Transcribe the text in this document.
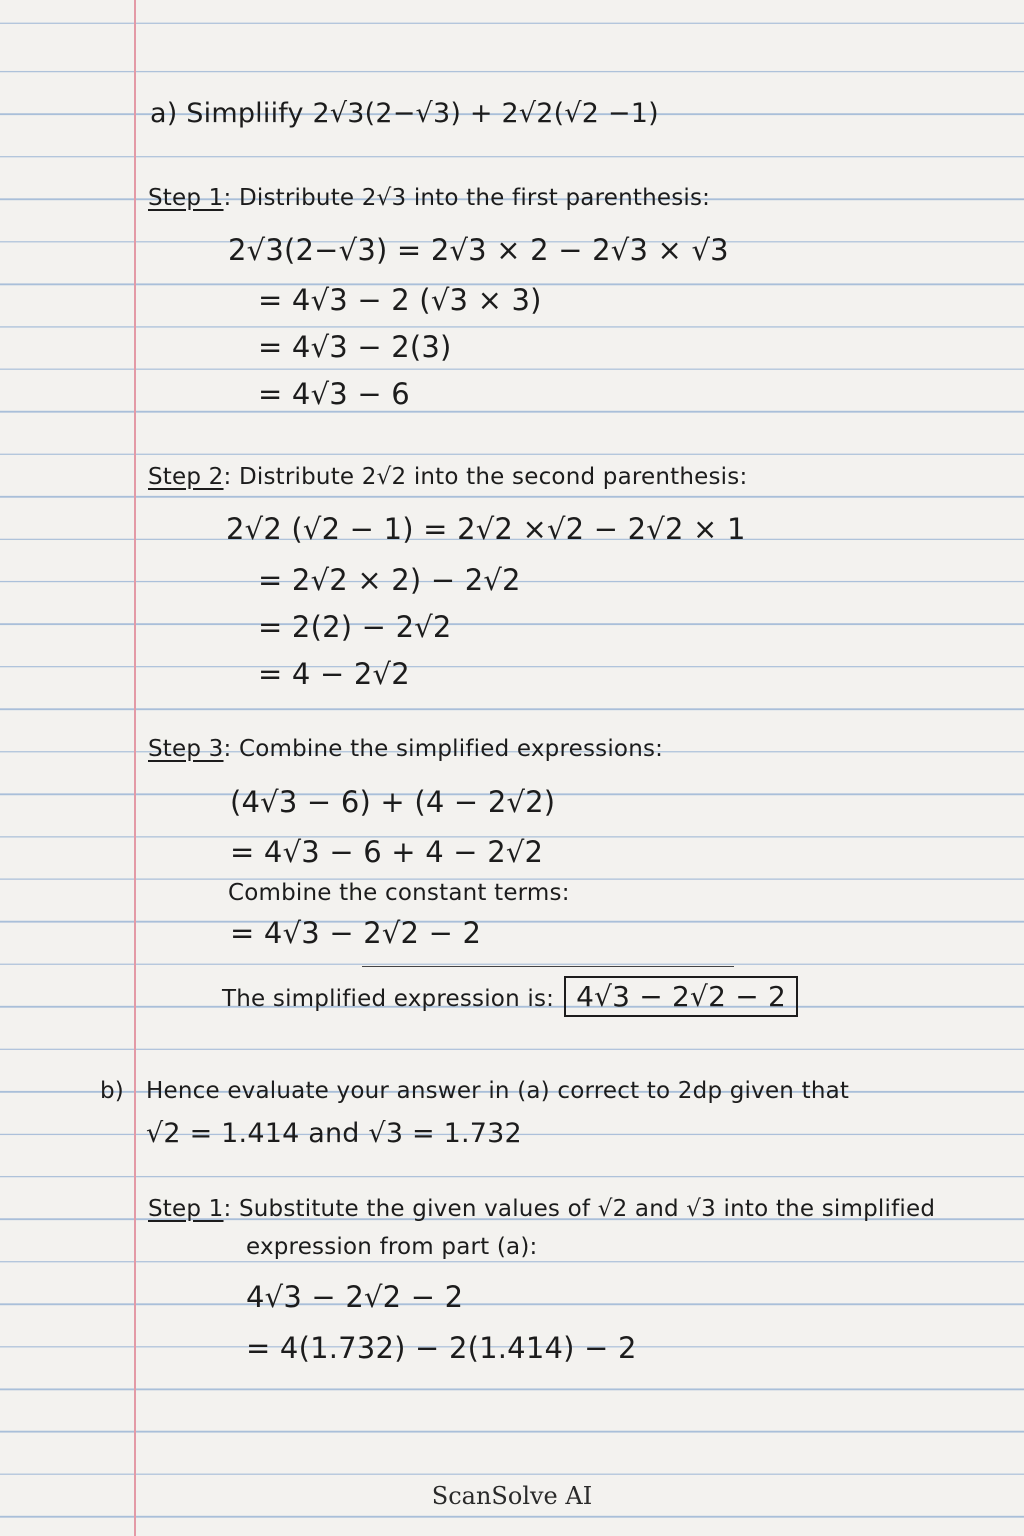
a) Simpliify 2√3(2−√3) + 2√2(√2 −1)
Step 1: Distribute 2√3 into the first parenthesis:
2√3(2−√3) = 2√3 × 2 − 2√3 × √3
= 4√3 − 2 (√3 × 3)
= 4√3 − 2(3)
= 4√3 − 6
Step 2: Distribute 2√2 into the second parenthesis:
2√2 (√2 − 1) = 2√2 ×√2 − 2√2 × 1
= 2√2 × 2) − 2√2
= 2(2) − 2√2
= 4 − 2√2
Step 3: Combine the simplified expressions:
(4√3 − 6) + (4 − 2√2)
= 4√3 − 6 + 4 − 2√2
Combine the constant terms:
= 4√3 − 2√2 − 2
The simplified expression is: 4√3 − 2√2 − 2
b) Hence evaluate your answer in (a) correct to 2dp given that
√2 = 1.414 and √3 = 1.732
Step 1: Substitute the given values of √2 and √3 into the simplified
expression from part (a):
4√3 − 2√2 − 2
= 4(1.732) − 2(1.414) − 2
ScanSolve AI
